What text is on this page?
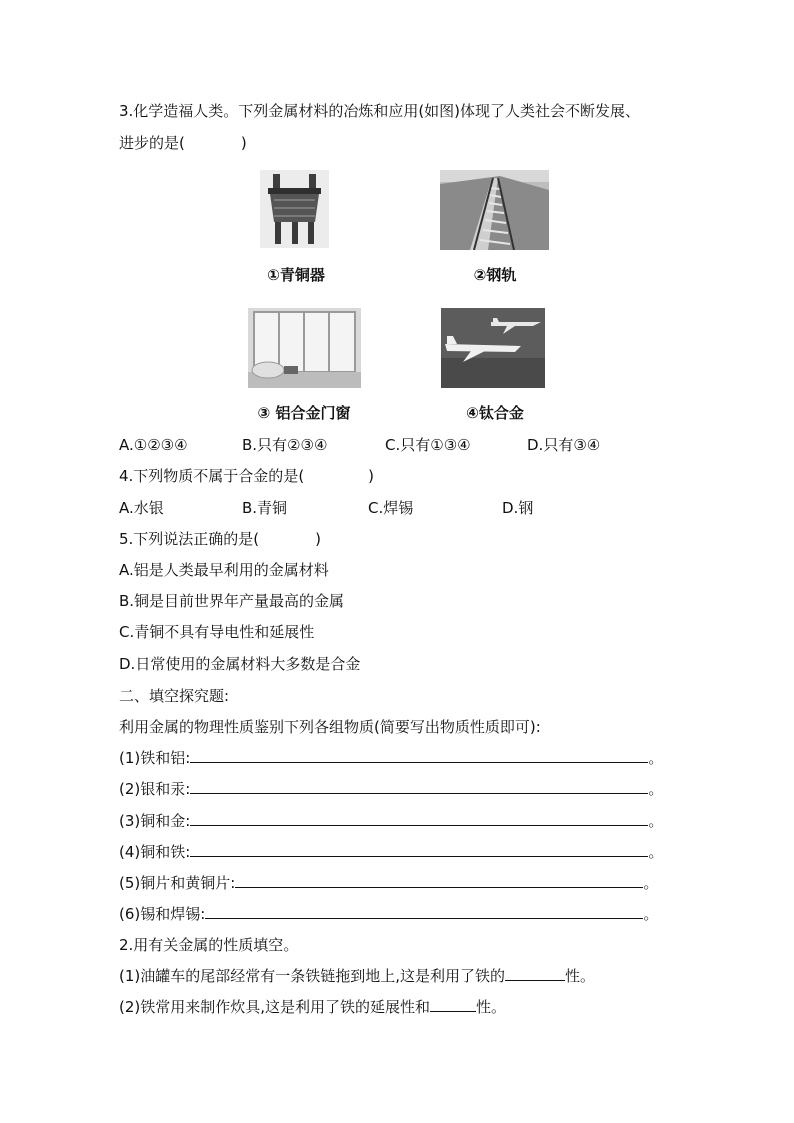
3.化学造福人类。下列金属材料的冶炼和应用(如图)体现了人类社会不断发展、
进步的是(	)
①青铜器	②钢轨
③ 铝合金门窗	④钛合金
A.①②③④	B.只有②③④	C.只有①③④	D.只有③④
4.下列物质不属于合金的是(	)
A.水银	B.青铜	C.焊锡	D.钢
5.下列说法正确的是(	)
A.铝是人类最早利用的金属材料
B.铜是目前世界年产量最高的金属
C.青铜不具有导电性和延展性
D.日常使用的金属材料大多数是合金
二、填空探究题:
利用金属的物理性质鉴别下列各组物质(简要写出物质性质即可):
(1)铁和铝:	。
(2)银和汞:	。
(3)铜和金:	。
(4)铜和铁:	。
(5)铜片和黄铜片:	。
(6)锡和焊锡:	。
2.用有关金属的性质填空。
(1)油罐车的尾部经常有一条铁链拖到地上,这是利用了铁的	性。
(2)铁常用来制作炊具,这是利用了铁的延展性和	性。
